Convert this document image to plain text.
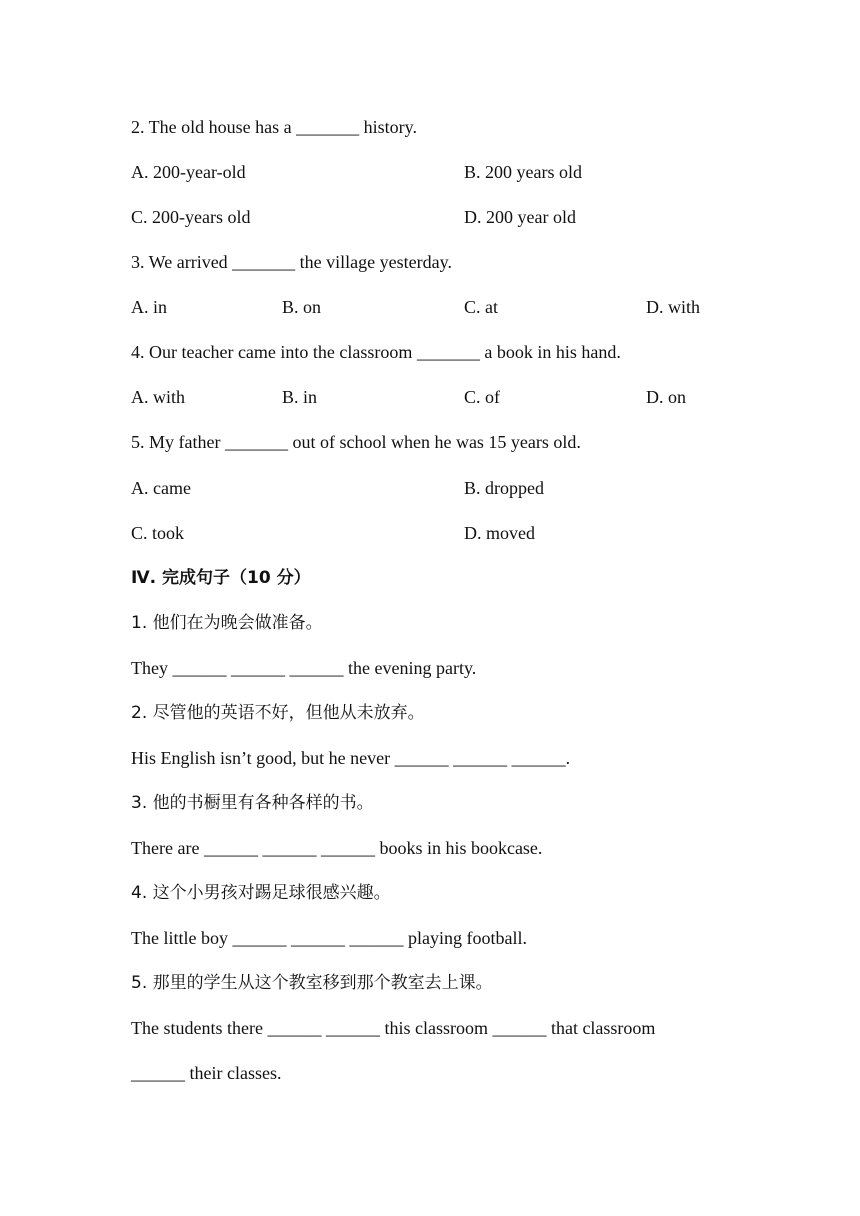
2. The old house has a _______ history.
A. 200-year-old	B. 200 years old
C. 200-years old	D. 200 year old
3. We arrived _______ the village yesterday.
A. in	B. on	C. at	D. with
4. Our teacher came into the classroom _______ a book in his hand.
A. with	B. in	C. of	D. on
5. My father _______ out of school when he was 15 years old.
A. came	B. dropped
C. took	D. moved
Ⅳ. 完成句子（10 分）
1. 他们在为晚会做准备。
They ______ ______ ______ the evening party.
2. 尽管他的英语不好，但他从未放弃。
His English isn’t good, but he never ______ ______ ______.
3. 他的书橱里有各种各样的书。
There are ______ ______ ______ books in his bookcase.
4. 这个小男孩对踢足球很感兴趣。
The little boy ______ ______ ______ playing football.
5. 那里的学生从这个教室移到那个教室去上课。
The students there ______ ______ this classroom ______ that classroom
______ their classes.
